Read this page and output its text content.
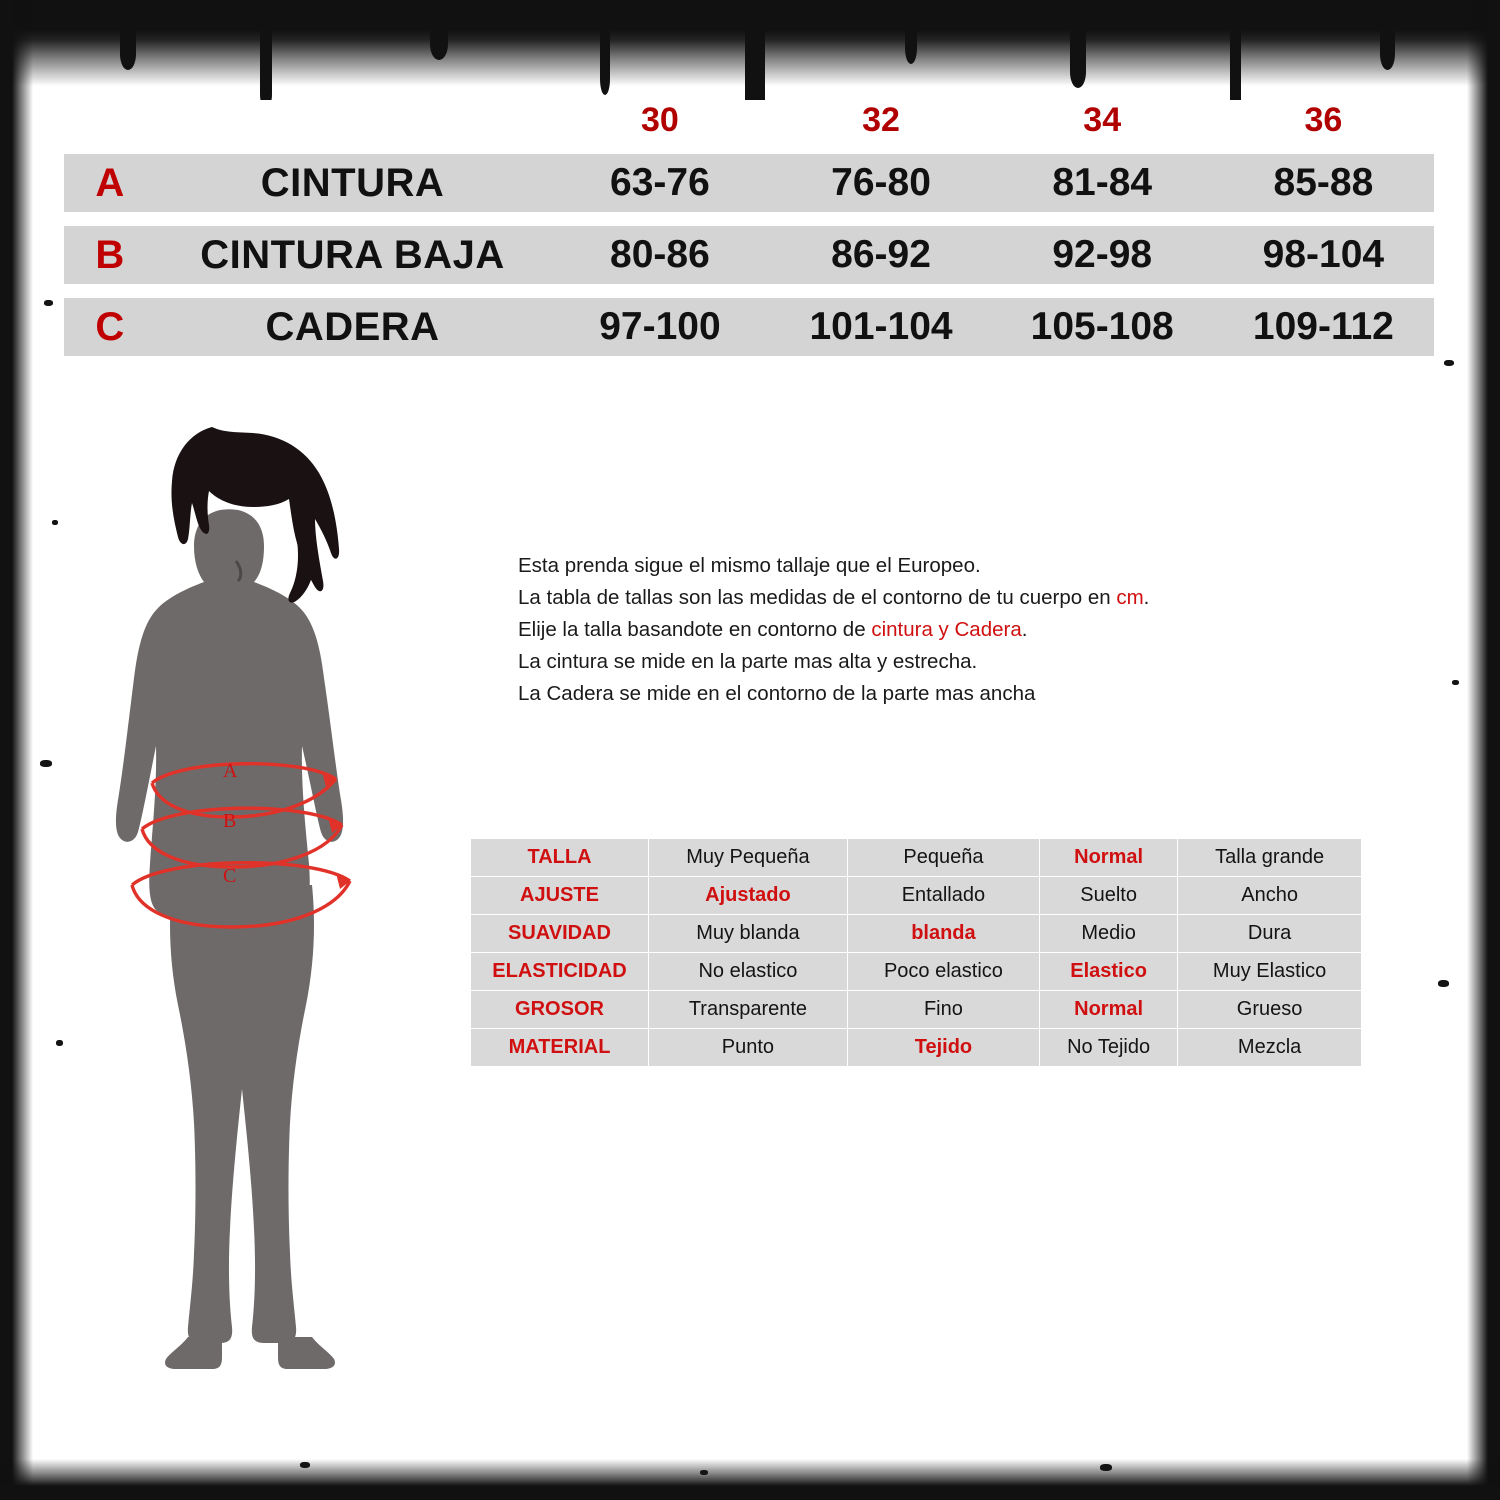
		30	32	34	36
A	CINTURA	63-76	76-80	81-84	85-88
B	CINTURA BAJA	80-86	86-92	92-98	98-104
C	CADERA	97-100	101-104	105-108	109-112
Esta prenda sigue el mismo tallaje que el Europeo.
La tabla de tallas son las medidas de el contorno de tu cuerpo en cm.
Elije la talla basandote en contorno de cintura y Cadera.
La cintura se mide en la parte mas alta y estrecha.
La Cadera se mide en el contorno de la parte mas ancha
TALLA	Muy Pequeña	Pequeña	Normal	Talla grande
AJUSTE	Ajustado	Entallado	Suelto	Ancho
SUAVIDAD	Muy blanda	blanda	Medio	Dura
ELASTICIDAD	No elastico	Poco elastico	Elastico	Muy Elastico
GROSOR	Transparente	Fino	Normal	Grueso
MATERIAL	Punto	Tejido	No Tejido	Mezcla
A
B
C
